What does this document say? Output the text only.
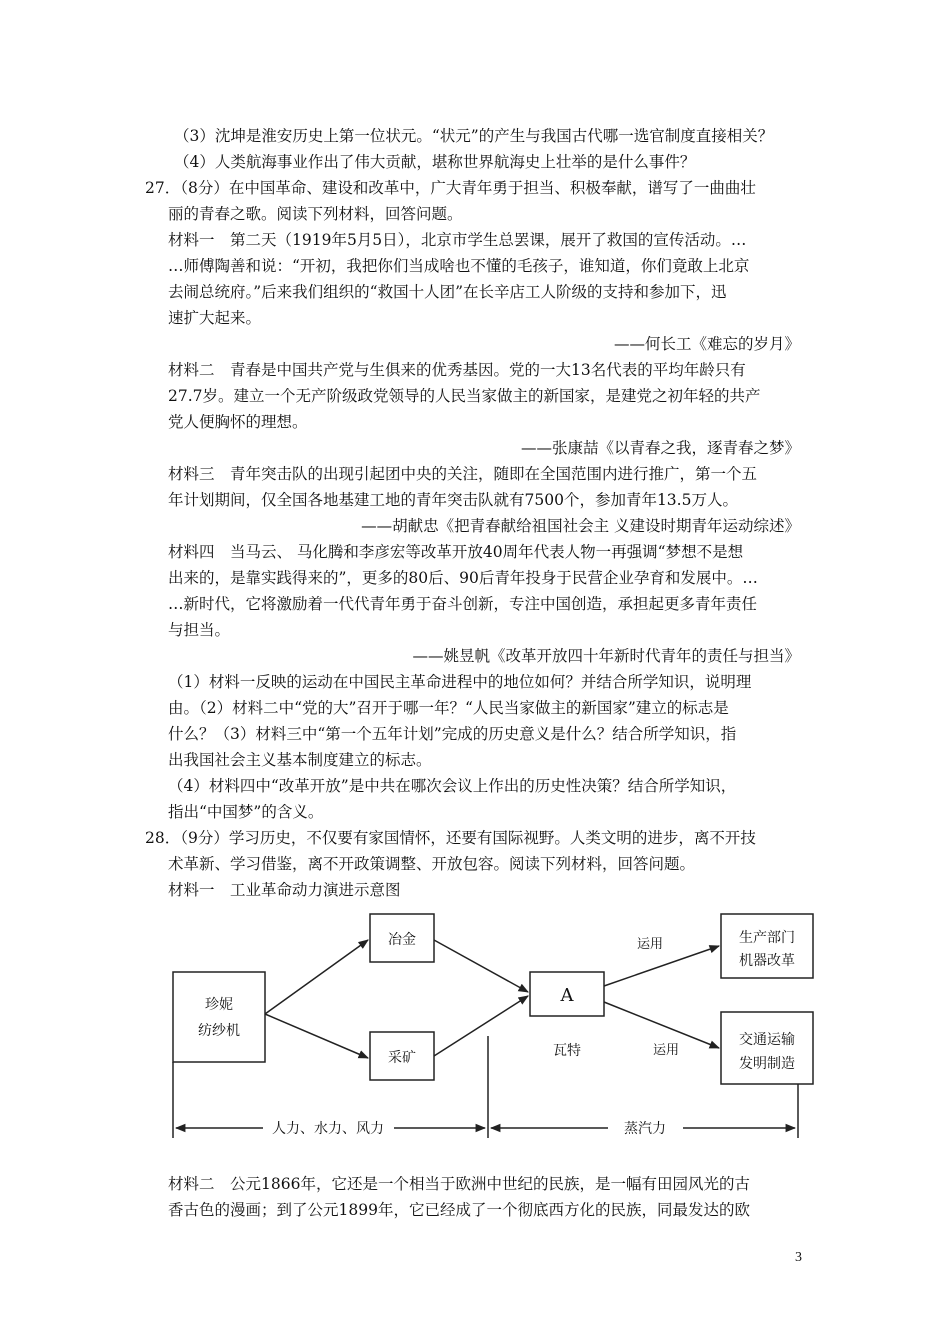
（3）沈坤是淮安历史上第一位状元。“状元”的产生与我国古代哪一选官制度直接相关？
（4）人类航海事业作出了伟大贡献，堪称世界航海史上壮举的是什么事件？
27．（8分）在中国革命、建设和改革中，广大青年勇于担当、积极奉献，谱写了一曲曲壮
丽的青春之歌。阅读下列材料，回答问题。
材料一　第二天（1919年5月5日），北京市学生总罢课，展开了救国的宣传活动。…
…师傅陶善和说：“开初，我把你们当成啥也不懂的毛孩子，谁知道，你们竟敢上北京
去闹总统府。”后来我们组织的“救国十人团”在长辛店工人阶级的支持和参加下，迅
速扩大起来。
——何长工《难忘的岁月》
材料二　青春是中国共产党与生俱来的优秀基因。党的一大13名代表的平均年龄只有
27.7岁。建立一个无产阶级政党领导的人民当家做主的新国家，是建党之初年轻的共产
党人便胸怀的理想。
——张康喆《以青春之我，逐青春之梦》
材料三　青年突击队的出现引起团中央的关注，随即在全国范围内进行推广，第一个五
年计划期间，仅全国各地基建工地的青年突击队就有7500个，参加青年13.5万人。
——胡献忠《把青春献给祖国社会主 义建设时期青年运动综述》
材料四　当马云、 马化腾和李彦宏等改革开放40周年代表人物一再强调“梦想不是想
出来的，是靠实践得来的”，更多的80后、90后青年投身于民营企业孕育和发展中。…
…新时代，它将激励着一代代青年勇于奋斗创新，专注中国创造，承担起更多青年责任
与担当。
——姚昱帆《改革开放四十年新时代青年的责任与担当》
（1）材料一反映的运动在中国民主革命进程中的地位如何？并结合所学知识，说明理
由。（2）材料二中“党的大”召开于哪一年？“人民当家做主的新国家”建立的标志是
什么？（3）材料三中“第一个五年计划”完成的历史意义是什么？结合所学知识，指
出我国社会主义基本制度建立的标志。
（4）材料四中“改革开放”是中共在哪次会议上作出的历史性决策？结合所学知识，
指出“中国梦”的含义。
28．（9分）学习历史，不仅要有家国情怀，还要有国际视野。人类文明的进步，离不开技
术革新、学习借鉴，离不开政策调整、开放包容。阅读下列材料，回答问题。
材料一　工业革命动力演进示意图
珍妮
纺纱机
冶金
采矿
A
瓦特
生产部门
机器改革
交通运输
发明制造
运用
运用
人力、水力、风力	蒸汽力
材料二　公元1866年，它还是一个相当于欧洲中世纪的民族，是一幅有田园风光的古
香古色的漫画；到了公元1899年，它已经成了一个彻底西方化的民族，同最发达的欧
3
